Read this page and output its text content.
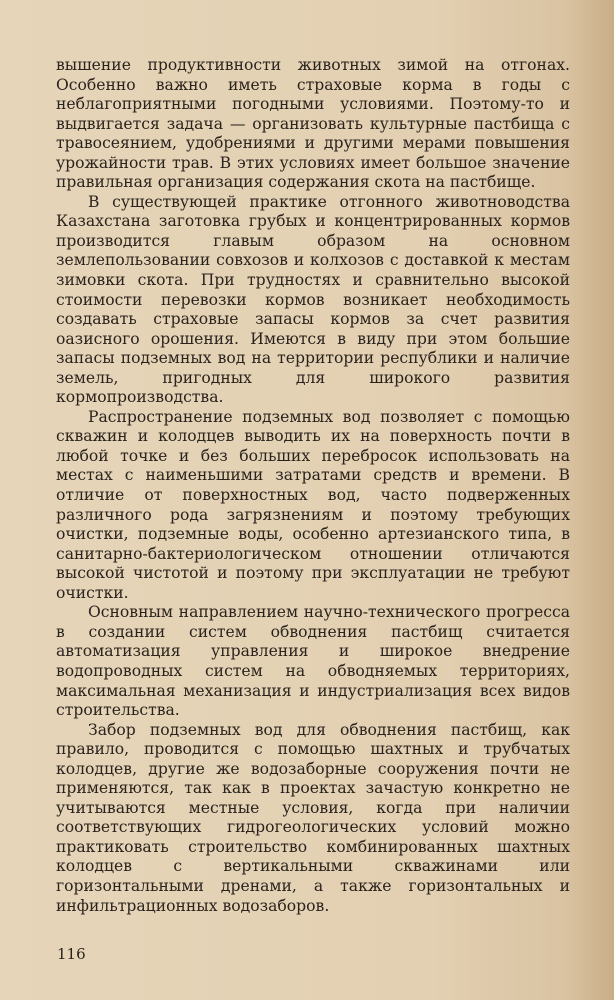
вышение продуктивности животных зимой на отгонах. Особенно важно иметь страховые корма в годы с неблагоприятными погодными условиями. Поэтому-то и выдвигается задача — организовать культурные пастбища с травосеянием, удобрениями и другими мерами повышения урожайности трав. В этих условиях имеет большое значение правильная организация содержания скота на пастбище.

В существующей практике отгонного животноводства Казахстана заготовка грубых и концентрированных кормов производится главым образом на основном землепользовании совхозов и колхозов с доставкой к местам зимовки скота. При трудностях и сравнительно высокой стоимости перевозки кормов возникает необходимость создавать страховые запасы кормов за счет развития оазисного орошения. Имеются в виду при этом большие запасы подземных вод на территории республики и наличие земель, пригодных для широкого развития кормопроизводства.

Распространение подземных вод позволяет с помощью скважин и колодцев выводить их на поверхность почти в любой точке и без больших переброcок использовать на местах с наименьшими затратами средств и времени. В отличие от поверхностных вод, часто подверженных различного рода загрязнениям и поэтому требующих очистки, подземные воды, особенно артезианского типа, в санитарно-бактериологическом отношении отличаются высокой чистотой и поэтому при эксплуатации не требуют очистки.

Основным направлением научно-технического прогресса в создании систем обводнения пастбищ считается автоматизация управления и широкое внедрение водопроводных систем на обводняемых территориях, максимальная механизация и индустриализация всех видов строительства.

Забор подземных вод для обводнения пастбищ, как правило, проводится с помощью шахтных и трубчатых колодцев, другие же водозаборные сооружения почти не применяются, так как в проектах зачастую конкретно не учитываются местные условия, когда при наличии соответствующих гидрогеологических условий можно практиковать строительство комбинированных шахтных колодцев с вертикальными скважинами или горизонтальными дренами, а также горизонтальных и инфильтрационных водозаборов.

116
